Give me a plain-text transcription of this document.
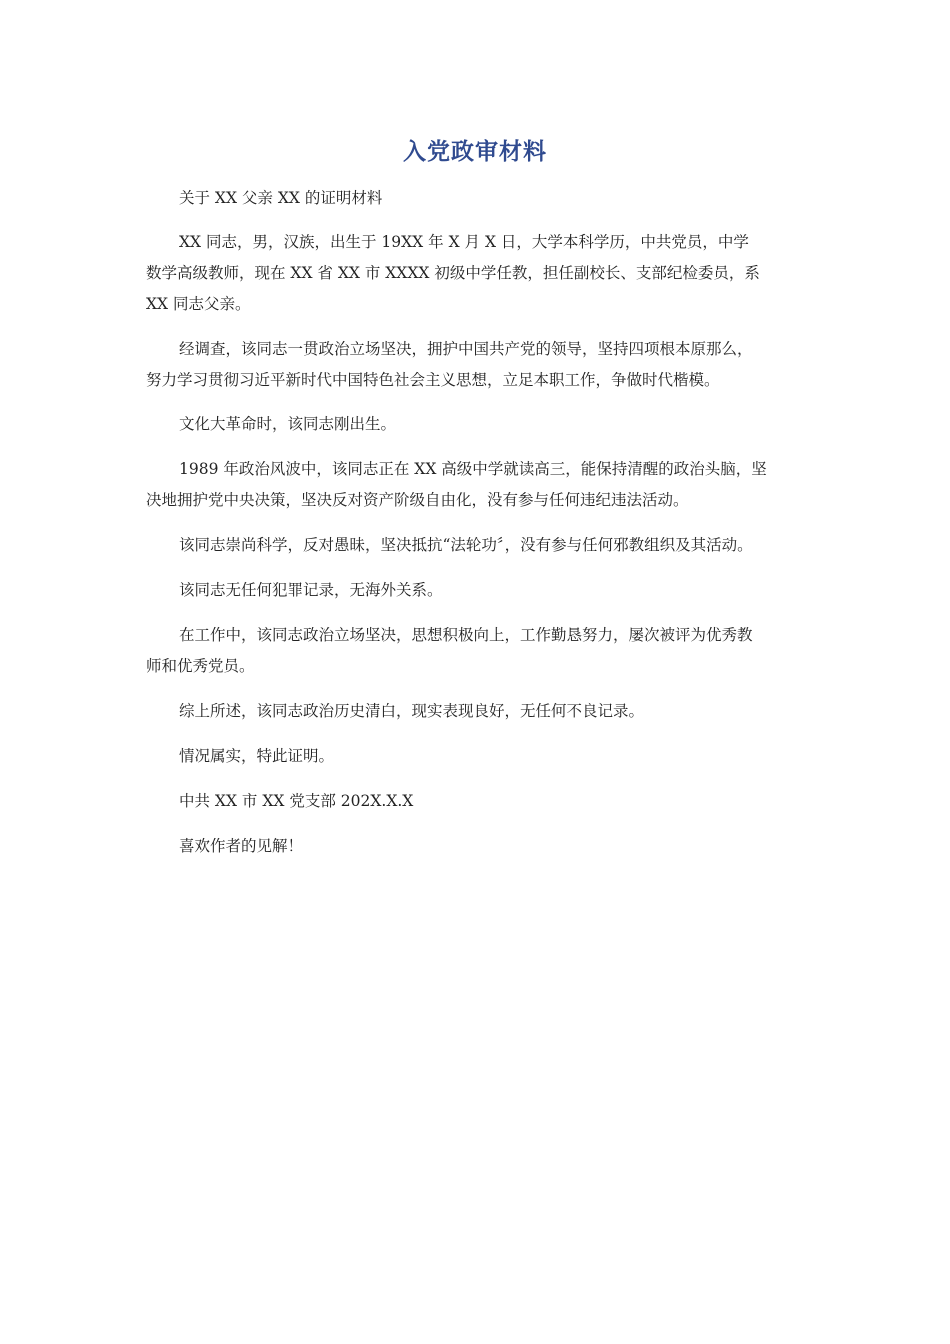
入党政审材料
关于 XX 父亲 XX 的证明材料
XX 同志，男，汉族，出生于 19XX 年 X 月 X 日，大学本科学历，中共党员，中学
数学高级教师，现在 XX 省 XX 市 XXXX 初级中学任教，担任副校长、支部纪检委员，系
XX 同志父亲。
经调查，该同志一贯政治立场坚决，拥护中国共产党的领导，坚持四项根本原那么，
努力学习贯彻习近平新时代中国特色社会主义思想，立足本职工作，争做时代楷模。
文化大革命时，该同志刚出生。
1989 年政治风波中，该同志正在 XX 高级中学就读高三，能保持清醒的政治头脑，坚
决地拥护党中央决策，坚决反对资产阶级自由化，没有参与任何违纪违法活动。
该同志崇尚科学，反对愚昧，坚决抵抗“法轮功〞，没有参与任何邪教组织及其活动。
该同志无任何犯罪记录，无海外关系。
在工作中，该同志政治立场坚决，思想积极向上，工作勤恳努力，屡次被评为优秀教
师和优秀党员。
综上所述，该同志政治历史清白，现实表现良好，无任何不良记录。
情况属实，特此证明。
中共 XX 市 XX 党支部 202X.X.X
喜欢作者的见解！
